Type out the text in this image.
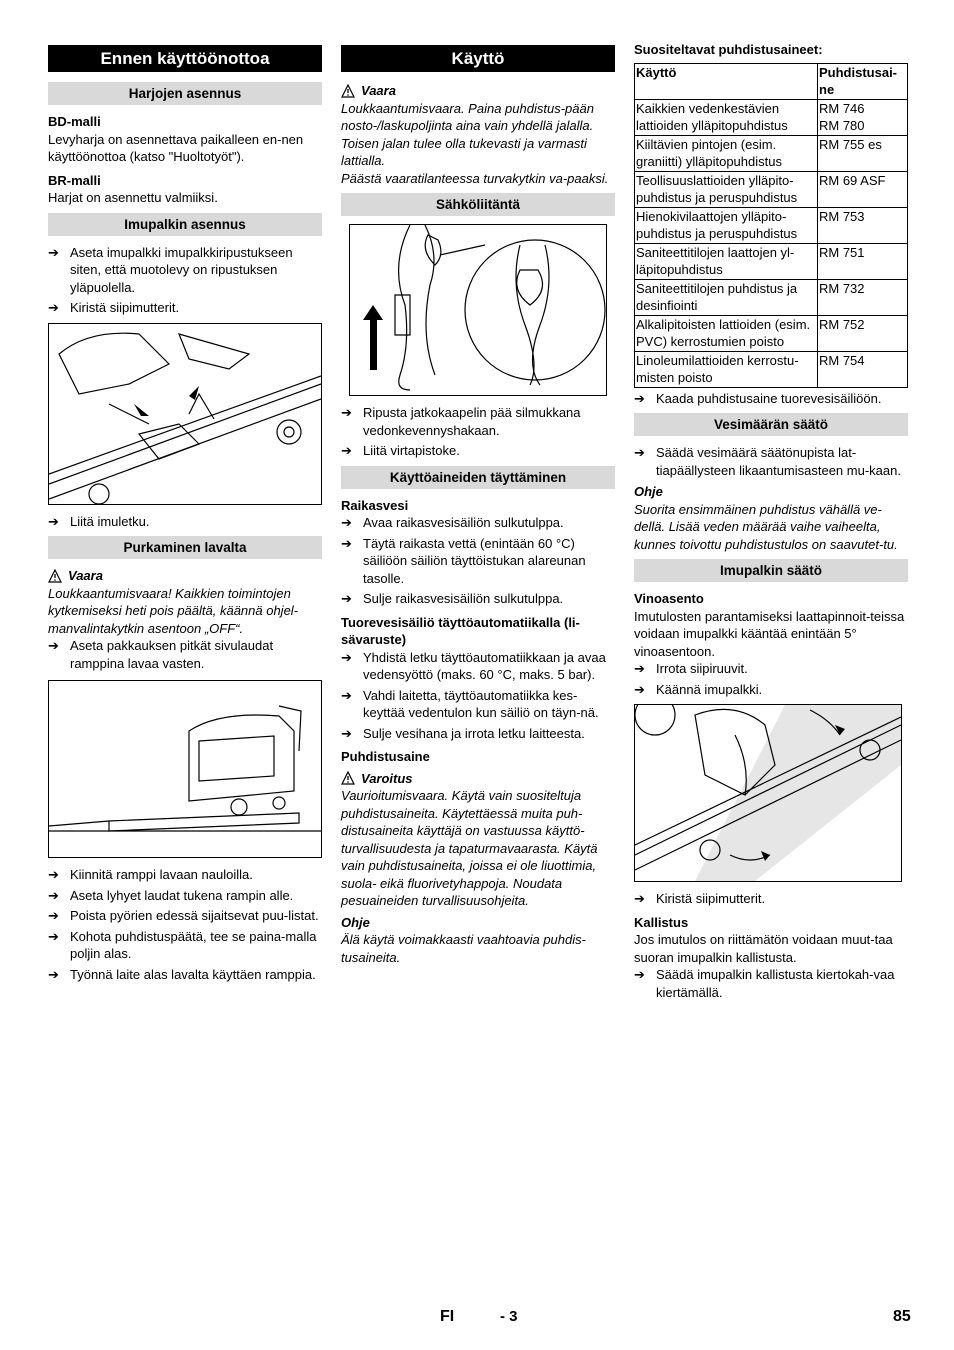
Ennen käyttöönottoa
Harjojen asennus
BD-malli
Levyharja on asennettava paikalleen en-nen käyttöönottoa (katso "Huoltotyöt").
BR-malli
Harjat on asennettu valmiiksi.
Imupalkin asennus
➔ Aseta imupalkki imupalkkiripustukseen siten, että muotolevy on ripustuksen yläpuolella.
➔ Kiristä siipimutterit.
➔ Liitä imuletku.
Purkaminen lavalta
Vaara
Loukkaantumisvaara! Kaikkien toimintojen kytkemiseksi heti pois päältä, käännä ohjel-manvalintakytkin asentoon „OFF“.
➔ Aseta pakkauksen pitkät sivulaudat ramppina lavaa vasten.
➔ Kiinnitä ramppi lavaan nauloilla.
➔ Aseta lyhyet laudat tukena rampin alle.
➔ Poista pyörien edessä sijaitsevat puu-listat.
➔ Kohota puhdistuspäätä, tee se paina-malla poljin alas.
➔ Työnnä laite alas lavalta käyttäen ramppia.
Käyttö
Vaara
Loukkaantumisvaara. Paina puhdistus-pään nosto-/laskupoljinta aina vain yhdellä jalalla. Toisen jalan tulee olla tukevasti ja varmasti lattialla.
Päästä vaaratilanteessa turvakytkin va-paaksi.
Sähköliitäntä
➔ Ripusta jatkokaapelin pää silmukkana vedonkevennyshakaan.
➔ Liitä virtapistoke.
Käyttöaineiden täyttäminen
Raikasvesi
➔ Avaa raikasvesisäiliön sulkutulppa.
➔ Täytä raikasta vettä (enintään 60 °C) säiliöön säiliön täyttöistukan alareunan tasolle.
➔ Sulje raikasvesisäiliön sulkutulppa.
Tuorevesisäiliö täyttöautomatiikalla (li-sävaruste)
➔ Yhdistä letku täyttöautomatiikkaan ja avaa vedensyöttö (maks. 60 °C, maks. 5 bar).
➔ Vahdi laitetta, täyttöautomatiikka kes-keyttää vedentulon kun säiliö on täyn-nä.
➔ Sulje vesihana ja irrota letku laitteesta.
Puhdistusaine
Varoitus
Vaurioitumisvaara. Käytä vain suositeltuja puhdistusaineita. Käytettäessä muita puh-distusaineita käyttäjä on vastuussa käyttö-turvallisuudesta ja tapaturmavaarasta. Käytä vain puhdistusaineita, joissa ei ole liuottimia, suola- eikä fluorivetyhappoja. Noudata pesuaineiden turvallisuusohjeita.
Ohje
Älä käytä voimakkaasti vaahtoavia puhdis-tusaineita.
Suositeltavat puhdistusaineet:
Käyttö	Puhdistusai-ne
Kaikkien vedenkestävien lattioiden ylläpitopuhdistus	RM 746
RM 780
Kiiltävien pintojen (esim. graniitti) ylläpitopuhdistus	RM 755 es
Teollisuuslattioiden ylläpito-puhdistus ja peruspuhdistus	RM 69 ASF
Hienokivilaattojen ylläpito-puhdistus ja peruspuhdistus	RM 753
Saniteettitilojen laattojen yl-läpitopuhdistus	RM 751
Saniteettitilojen puhdistus ja desinfiointi	RM 732
Alkalipitoisten lattioiden (esim. PVC) kerrostumien poisto	RM 752
Linoleumilattioiden kerrostu-misten poisto	RM 754
➔ Kaada puhdistusaine tuorevesisäiliöön.
Vesimäärän säätö
➔ Säädä vesimäärä säätönupista lat-tiapäällysteen likaantumisasteen mu-kaan.
Ohje
Suorita ensimmäinen puhdistus vähällä ve-dellä. Lisää veden määrää vaihe vaiheelta, kunnes toivottu puhdistustulos on saavutet-tu.
Imupalkin säätö
Vinoasento
Imutulosten parantamiseksi laattapinnoit-teissa voidaan imupalkki kääntää enintään 5° vinoasentoon.
➔ Irrota siipiruuvit.
➔ Käännä imupalkki.
➔ Kiristä siipimutterit.
Kallistus
Jos imutulos on riittämätön voidaan muut-taa suoran imupalkin kallistusta.
➔ Säädä imupalkin kallistusta kiertokah-vaa kiertämällä.
FI	- 3	85
